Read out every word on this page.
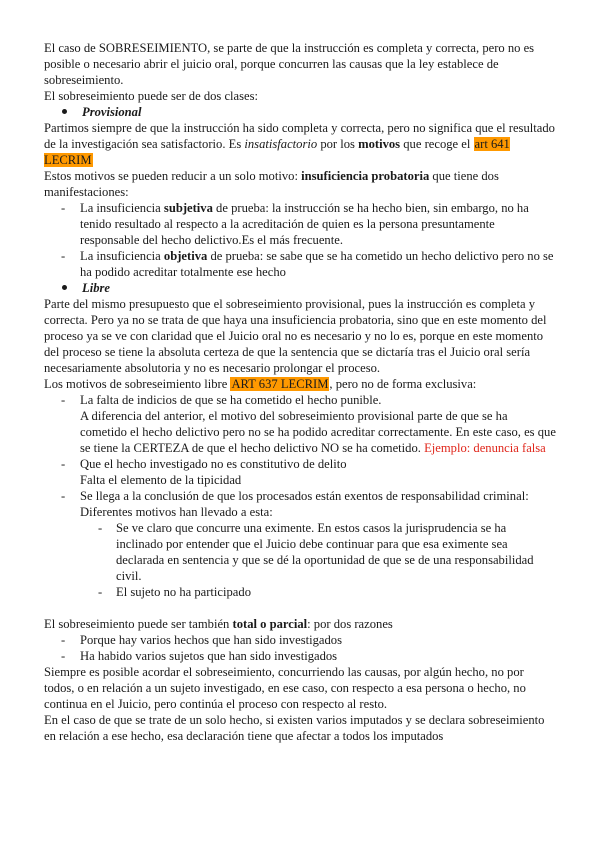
El caso de SOBRESEIMIENTO, se parte de que la instrucción es completa y correcta, pero no es posible o necesario abrir el juicio oral, porque concurren las causas que la ley establece de sobreseimiento.

El sobreseimiento puede ser de dos clases:

Provisional

Partimos siempre de que la instrucción ha sido completa y correcta, pero no significa que el resultado de la investigación sea satisfactorio. Es insatisfactorio por los motivos que recoge el art 641 LECRIM

Estos motivos se pueden reducir a un solo motivo: insuficiencia probatoria que tiene dos manifestaciones:

- La insuficiencia subjetiva de prueba: la instrucción se ha hecho bien, sin embargo, no ha tenido resultado al respecto a la acreditación de quien es la persona presuntamente responsable del hecho delictivo.Es el más frecuente.
- La insuficiencia objetiva de prueba: se sabe que se ha cometido un hecho delictivo pero no se ha podido acreditar totalmente ese hecho
Libre

Parte del mismo presupuesto que el sobreseimiento provisional, pues la instrucción es completa y correcta. Pero ya no se trata de que haya una insuficiencia probatoria, sino que en este momento del proceso ya se ve con claridad que el Juicio oral no es necesario y no lo es, porque en este momento del proceso se tiene la absoluta certeza de que la sentencia que se dictaría tras el Juicio oral sería necesariamente absolutoria y no es necesario prolongar el proceso.

Los motivos de sobreseimiento libre ART 637 LECRIM, pero no de forma exclusiva:

- La falta de indicios de que se ha cometido el hecho punible.
A diferencia del anterior, el motivo del sobreseimiento provisional parte de que se ha cometido el hecho delictivo pero no se ha podido acreditar correctamente. En este caso, es que se tiene la CERTEZA de que el hecho delictivo NO se ha cometido. Ejemplo: denuncia falsa
- Que el hecho investigado no es constitutivo de delito
Falta el elemento de la tipicidad
- Se llega a la conclusión de que los procesados están exentos de responsabilidad criminal:
Diferentes motivos han llevado a esta:
- Se ve claro que concurre una eximente. En estos casos la jurisprudencia se ha inclinado por entender que el Juicio debe continuar para que esa eximente sea declarada en sentencia y que se dé la oportunidad de que se de una responsabilidad civil.
- El sujeto no ha participado

El sobreseimiento puede ser también total o parcial: por dos razones

- Porque hay varios hechos que han sido investigados
- Ha habido varios sujetos que han sido investigados

Siempre es posible acordar el sobreseimiento, concurriendo las causas, por algún hecho, no por todos, o en relación a un sujeto investigado, en ese caso, con respecto a esa persona o hecho, no continua en el Juicio, pero continúa el proceso con respecto al resto.

En el caso de que se trate de un solo hecho, si existen varios imputados y se declara sobreseimiento en relación a ese hecho, esa declaración tiene que afectar a todos los imputados
